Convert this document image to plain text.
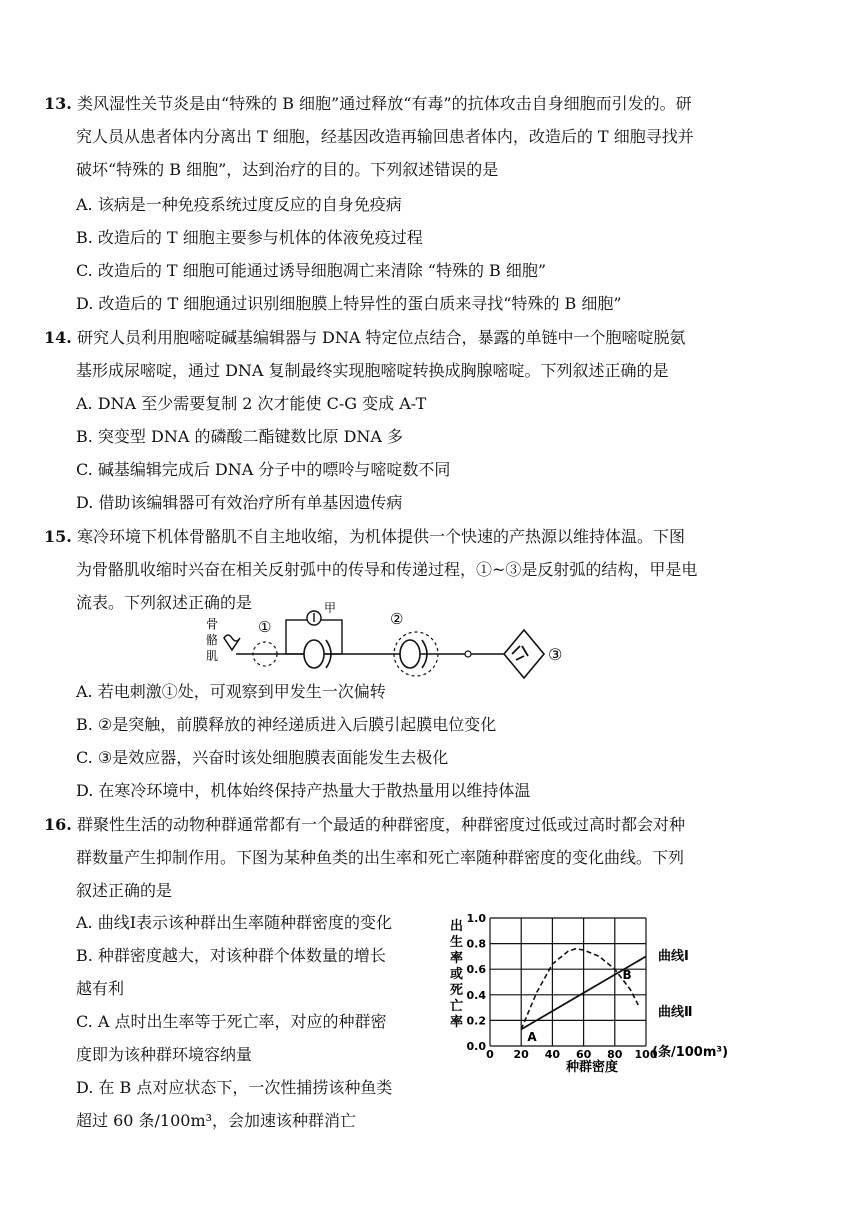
13. 类风湿性关节炎是由“特殊的 B 细胞”通过释放“有毒”的抗体攻击自身细胞而引发的。研
究人员从患者体内分离出 T 细胞，经基因改造再输回患者体内，改造后的 T 细胞寻找并
破坏“特殊的 B 细胞”，达到治疗的目的。下列叙述错误的是
A. 该病是一种免疫系统过度反应的自身免疫病
B. 改造后的 T 细胞主要参与机体的体液免疫过程
C. 改造后的 T 细胞可能通过诱导细胞凋亡来清除 “特殊的 B 细胞”
D. 改造后的 T 细胞通过识别细胞膜上特异性的蛋白质来寻找“特殊的 B 细胞”
14. 研究人员利用胞嘧啶碱基编辑器与 DNA 特定位点结合，暴露的单链中一个胞嘧啶脱氨
基形成尿嘧啶，通过 DNA 复制最终实现胞嘧啶转换成胸腺嘧啶。下列叙述正确的是
A. DNA 至少需要复制 2 次才能使 C-G 变成 A-T
B. 突变型 DNA 的磷酸二酯键数比原 DNA 多
C. 碱基编辑完成后 DNA 分子中的嘌呤与嘧啶数不同
D. 借助该编辑器可有效治疗所有单基因遗传病
15. 寒冷环境下机体骨骼肌不自主地收缩，为机体提供一个快速的产热源以维持体温。下图
为骨骼肌收缩时兴奋在相关反射弧中的传导和传递过程，①~③是反射弧的结构，甲是电
流表。下列叙述正确的是
骨
骼
肌
①
甲
②
③
A. 若电刺激①处，可观察到甲发生一次偏转
B. ②是突触，前膜释放的神经递质进入后膜引起膜电位变化
C. ③是效应器，兴奋时该处细胞膜表面能发生去极化
D. 在寒冷环境中，机体始终保持产热量大于散热量用以维持体温
16. 群聚性生活的动物种群通常都有一个最适的种群密度，种群密度过低或过高时都会对种
群数量产生抑制作用。下图为某种鱼类的出生率和死亡率随种群密度的变化曲线。下列
叙述正确的是
A. 曲线Ⅰ表示该种群出生率随种群密度的变化
B. 种群密度越大，对该种群个体数量的增长
越有利
C. A 点时出生率等于死亡率，对应的种群密
度即为该种群环境容纳量
D. 在 B 点对应状态下，一次性捕捞该种鱼类
超过 60 条/100m³，会加速该种群消亡
出生率或死亡率
0 20 40 60 80 100
0.0
0.2
0.4
0.6
0.8
1.0
A
B
曲线Ⅰ
曲线Ⅱ
种群密度
(条/100m³)
